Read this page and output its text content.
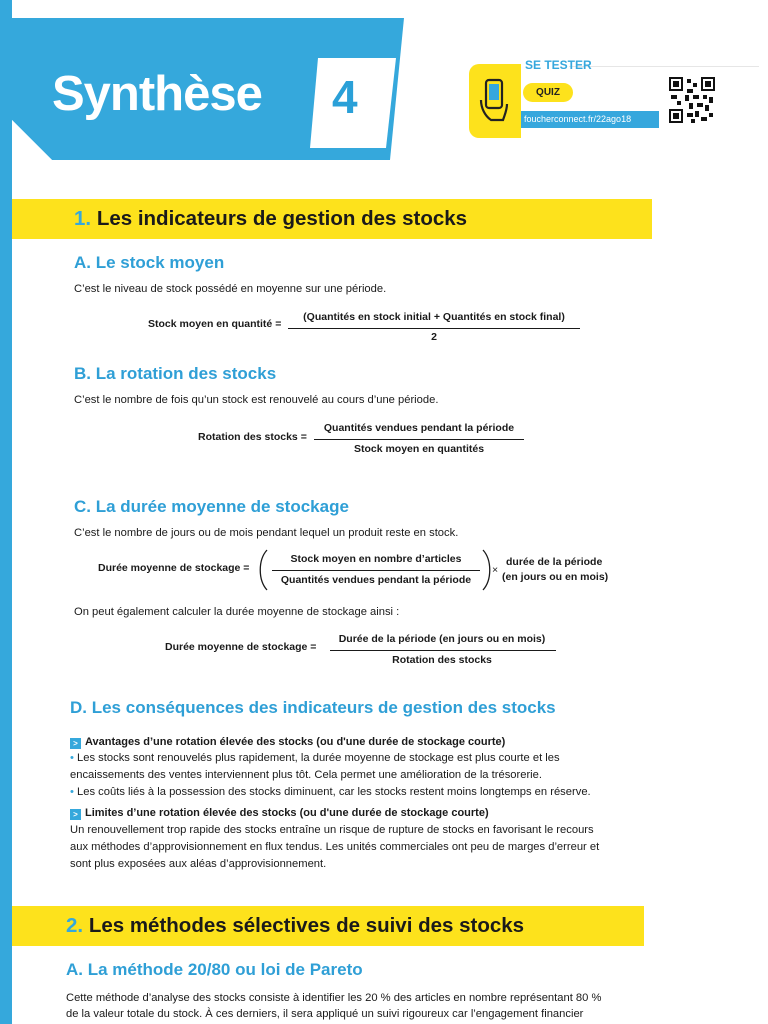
Synthèse 4
SE TESTER
QUIZ
foucherconnect.fr/22ago18
1. Les indicateurs de gestion des stocks
A. Le stock moyen
C’est le niveau de stock possédé en moyenne sur une période.
Stock moyen en quantité =
(Quantités en stock initial + Quantités en stock final)
2
B. La rotation des stocks
C’est le nombre de fois qu’un stock est renouvelé au cours d’une période.
Rotation des stocks =
Quantités vendues pendant la période
Stock moyen en quantités
C. La durée moyenne de stockage
C’est le nombre de jours ou de mois pendant lequel un produit reste en stock.
Durée moyenne de stockage =
Stock moyen en nombre d’articles
Quantités vendues pendant la période
×
durée de la période
(en jours ou en mois)
On peut également calculer la durée moyenne de stockage ainsi :
Durée moyenne de stockage =
Durée de la période (en jours ou en mois)
Rotation des stocks
D. Les conséquences des indicateurs de gestion des stocks
> Avantages d’une rotation élevée des stocks (ou d'une durée de stockage courte)
• Les stocks sont renouvelés plus rapidement, la durée moyenne de stockage est plus courte et les
encaissements des ventes interviennent plus tôt. Cela permet une amélioration de la trésorerie.
• Les coûts liés à la possession des stocks diminuent, car les stocks restent moins longtemps en réserve.
> Limites d’une rotation élevée des stocks (ou d'une durée de stockage courte)
Un renouvellement trop rapide des stocks entraîne un risque de rupture de stocks en favorisant le recours
aux méthodes d’approvisionnement en flux tendus. Les unités commerciales ont peu de marges d’erreur et
sont plus exposées aux aléas d’approvisionnement.
2. Les méthodes sélectives de suivi des stocks
A. La méthode 20/80 ou loi de Pareto
Cette méthode d’analyse des stocks consiste à identifier les 20 % des articles en nombre représentant 80 %
de la valeur totale du stock. À ces derniers, il sera appliqué un suivi rigoureux car l’engagement financier
